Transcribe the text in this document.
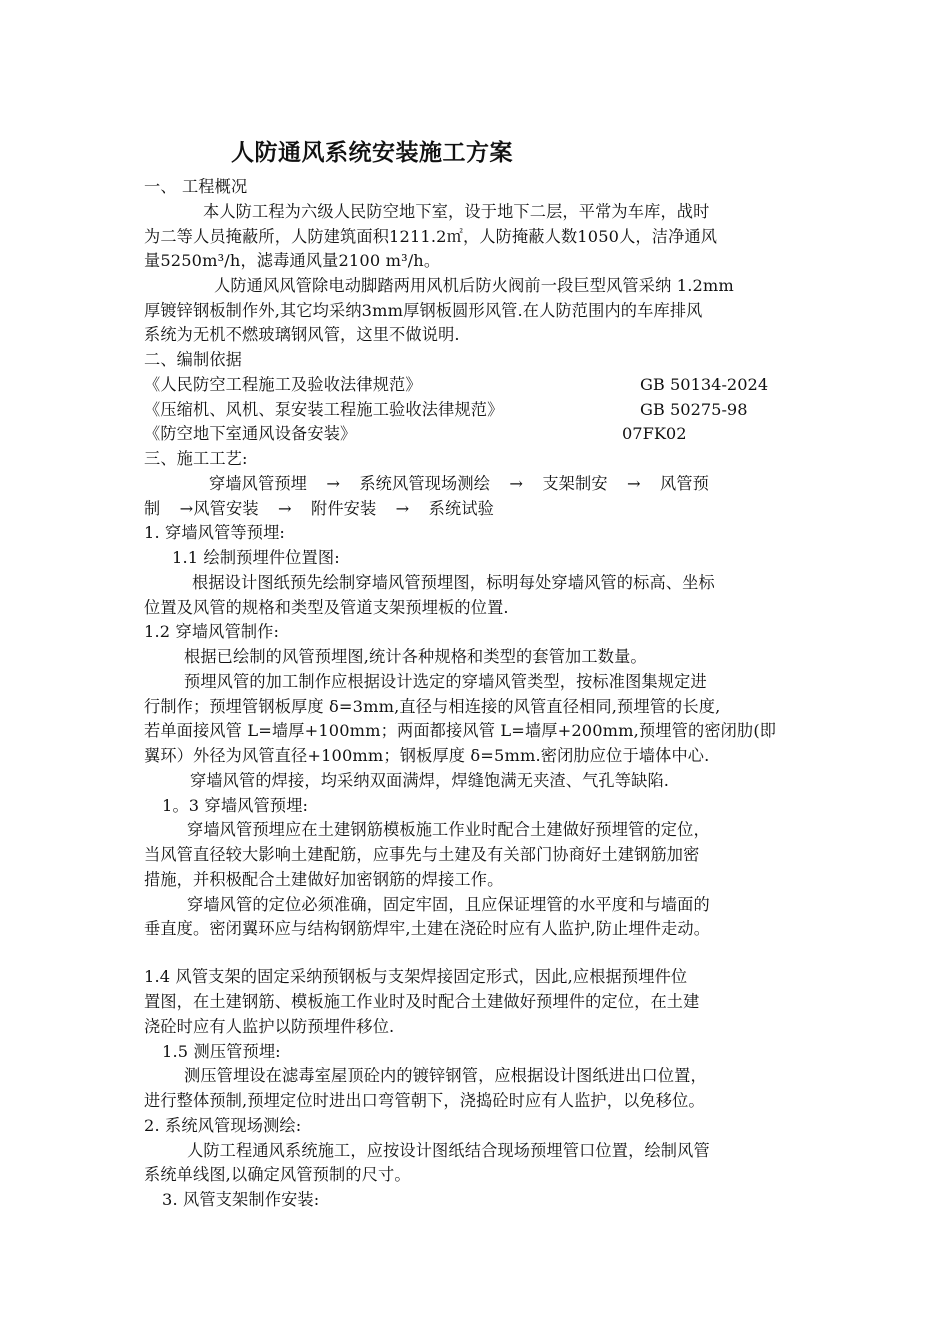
人防通风系统安装施工方案
一、 工程概况
本人防工程为六级人民防空地下室，设于地下二层，平常为车库，战时
为二等人员掩蔽所，人防建筑面积1211.2㎡，人防掩蔽人数1050人，洁净通风
量5250m³/h，滤毒通风量2100 m³/h。
人防通风风管除电动脚踏两用风机后防火阀前一段巨型风管采纳 1.2mm
厚镀锌钢板制作外,其它均采纳3mm厚钢板圆形风管.在人防范围内的车库排风
系统为无机不燃玻璃钢风管，这里不做说明.
二、编制依据
《人民防空工程施工及验收法律规范》	GB 50134-2024
《压缩机、风机、泵安装工程施工验收法律规范》	GB 50275-98
《防空地下室通风设备安装》	07FK02
三、施工工艺:
穿墙风管预埋 → 系统风管现场测绘 → 支架制安 → 风管预
制 →风管安装 → 附件安装 → 系统试验
1. 穿墙风管等预埋:
1.1 绘制预埋件位置图:
根据设计图纸预先绘制穿墙风管预埋图，标明每处穿墙风管的标高、坐标
位置及风管的规格和类型及管道支架预埋板的位置.
1.2 穿墙风管制作:
根据已绘制的风管预埋图,统计各种规格和类型的套管加工数量。
预埋风管的加工制作应根据设计选定的穿墙风管类型，按标准图集规定进
行制作；预埋管钢板厚度 δ=3mm,直径与相连接的风管直径相同,预埋管的长度,
若单面接风管 L=墙厚+100mm；两面都接风管 L=墙厚+200mm,预埋管的密闭肋(即
翼环）外径为风管直径+100mm；钢板厚度 δ=5mm.密闭肋应位于墙体中心.
穿墙风管的焊接，均采纳双面满焊，焊缝饱满无夹渣、气孔等缺陷.
1。3 穿墙风管预埋:
穿墙风管预埋应在土建钢筋模板施工作业时配合土建做好预埋管的定位，
当风管直径较大影响土建配筋，应事先与土建及有关部门协商好土建钢筋加密
措施，并积极配合土建做好加密钢筋的焊接工作。
穿墙风管的定位必须准确，固定牢固，且应保证埋管的水平度和与墙面的
垂直度。密闭翼环应与结构钢筋焊牢,土建在浇砼时应有人监护,防止埋件走动。
1.4 风管支架的固定采纳预钢板与支架焊接固定形式，因此,应根据预埋件位
置图，在土建钢筋、模板施工作业时及时配合土建做好预埋件的定位，在土建
浇砼时应有人监护以防预埋件移位.
1.5 测压管预埋:
测压管埋设在滤毒室屋顶砼内的镀锌钢管，应根据设计图纸进出口位置，
进行整体预制,预埋定位时进出口弯管朝下，浇捣砼时应有人监护，以免移位。
2. 系统风管现场测绘:
人防工程通风系统施工，应按设计图纸结合现场预埋管口位置，绘制风管
系统单线图,以确定风管预制的尺寸。
3. 风管支架制作安装:
